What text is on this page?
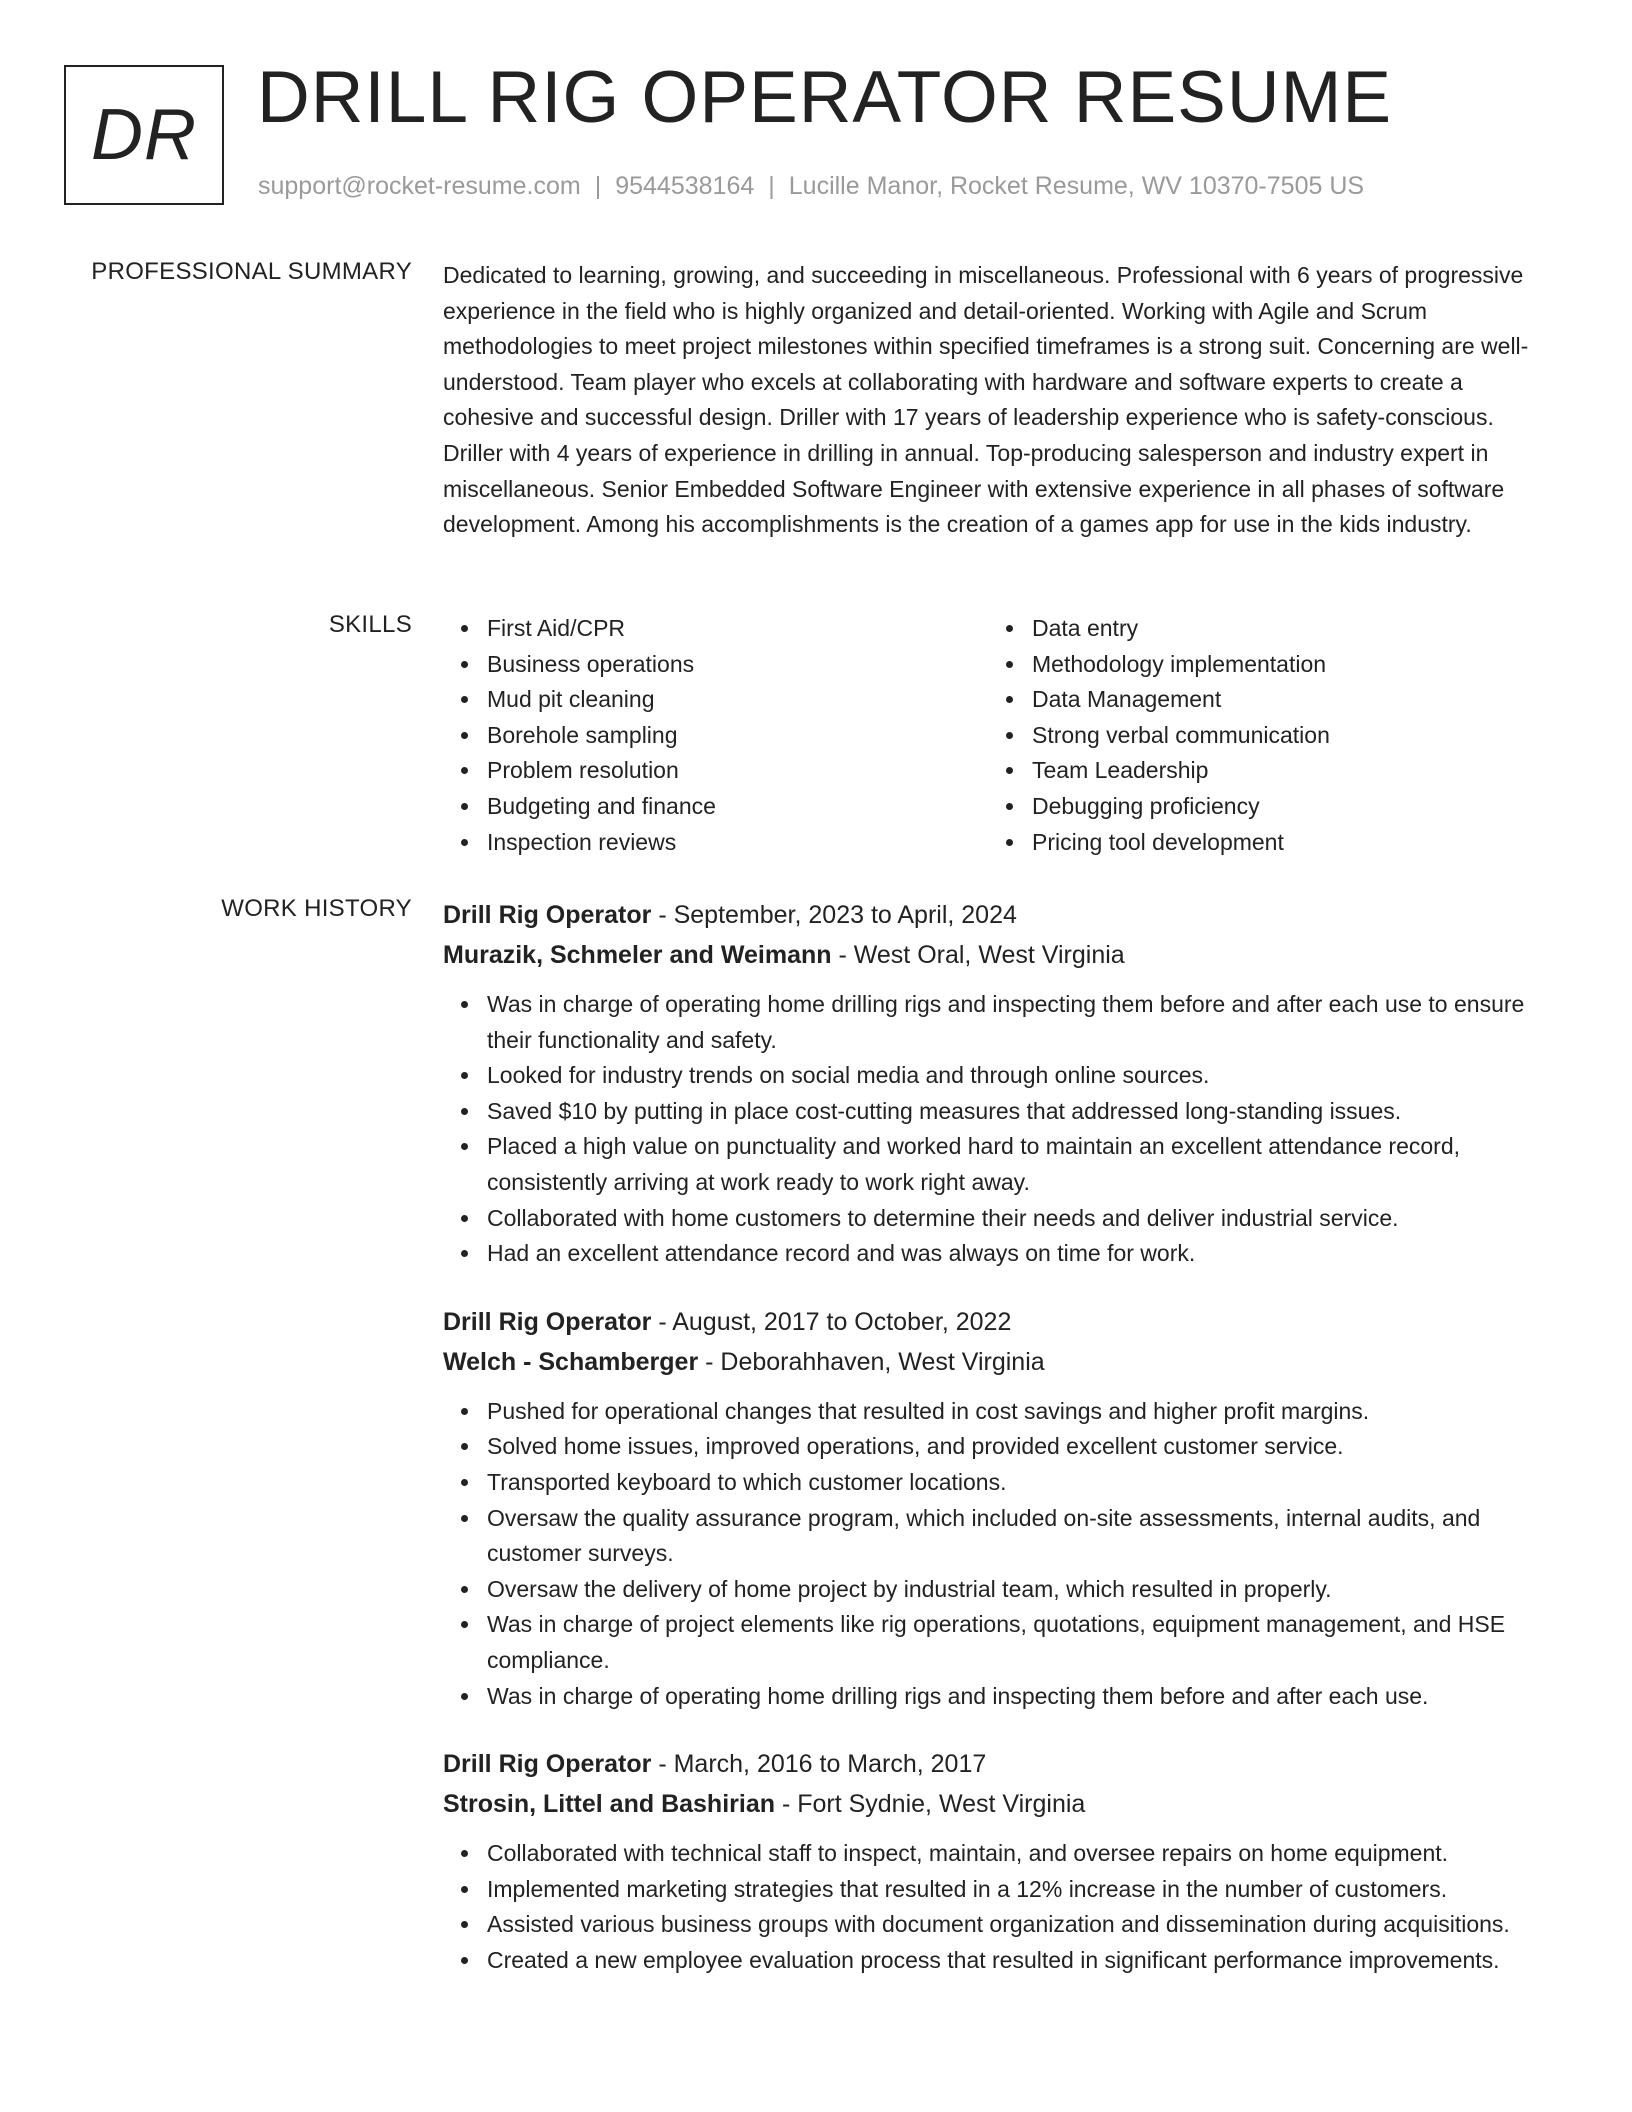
DR DRILL RIG OPERATOR RESUME
support@rocket-resume.com | 9544538164 | Lucille Manor, Rocket Resume, WV 10370-7505 US
PROFESSIONAL SUMMARY Dedicated to learning, growing, and succeeding in miscellaneous. Professional with 6 years of progressive experience in the field who is highly organized and detail-oriented. Working with Agile and Scrum methodologies to meet project milestones within specified timeframes is a strong suit. Concerning are well-understood. Team player who excels at collaborating with hardware and software experts to create a cohesive and successful design. Driller with 17 years of leadership experience who is safety-conscious. Driller with 4 years of experience in drilling in annual. Top-producing salesperson and industry expert in miscellaneous. Senior Embedded Software Engineer with extensive experience in all phases of software development. Among his accomplishments is the creation of a games app for use in the kids industry.
SKILLS	First Aid/CPR
Business operations
Mud pit cleaning
Borehole sampling
Problem resolution
Budgeting and finance
Inspection reviews
Data entry
Methodology implementation
Data Management
Strong verbal communication
Team Leadership
Debugging proficiency
Pricing tool development
WORK HISTORY Drill Rig Operator - September, 2023 to April, 2024
Murazik, Schmeler and Weimann - West Oral, West Virginia
Was in charge of operating home drilling rigs and inspecting them before and after each use to ensure their functionality and safety.
Looked for industry trends on social media and through online sources.
Saved $10 by putting in place cost-cutting measures that addressed long-standing issues.
Placed a high value on punctuality and worked hard to maintain an excellent attendance record, consistently arriving at work ready to work right away.
Collaborated with home customers to determine their needs and deliver industrial service.
Had an excellent attendance record and was always on time for work.
Drill Rig Operator - August, 2017 to October, 2022
Welch - Schamberger - Deborahhaven, West Virginia
Pushed for operational changes that resulted in cost savings and higher profit margins.
Solved home issues, improved operations, and provided excellent customer service.
Transported keyboard to which customer locations.
Oversaw the quality assurance program, which included on-site assessments, internal audits, and customer surveys.
Oversaw the delivery of home project by industrial team, which resulted in properly.
Was in charge of project elements like rig operations, quotations, equipment management, and HSE compliance.
Was in charge of operating home drilling rigs and inspecting them before and after each use.
Drill Rig Operator - March, 2016 to March, 2017
Strosin, Littel and Bashirian - Fort Sydnie, West Virginia
Collaborated with technical staff to inspect, maintain, and oversee repairs on home equipment.
Implemented marketing strategies that resulted in a 12% increase in the number of customers.
Assisted various business groups with document organization and dissemination during acquisitions.
Created a new employee evaluation process that resulted in significant performance improvements.
